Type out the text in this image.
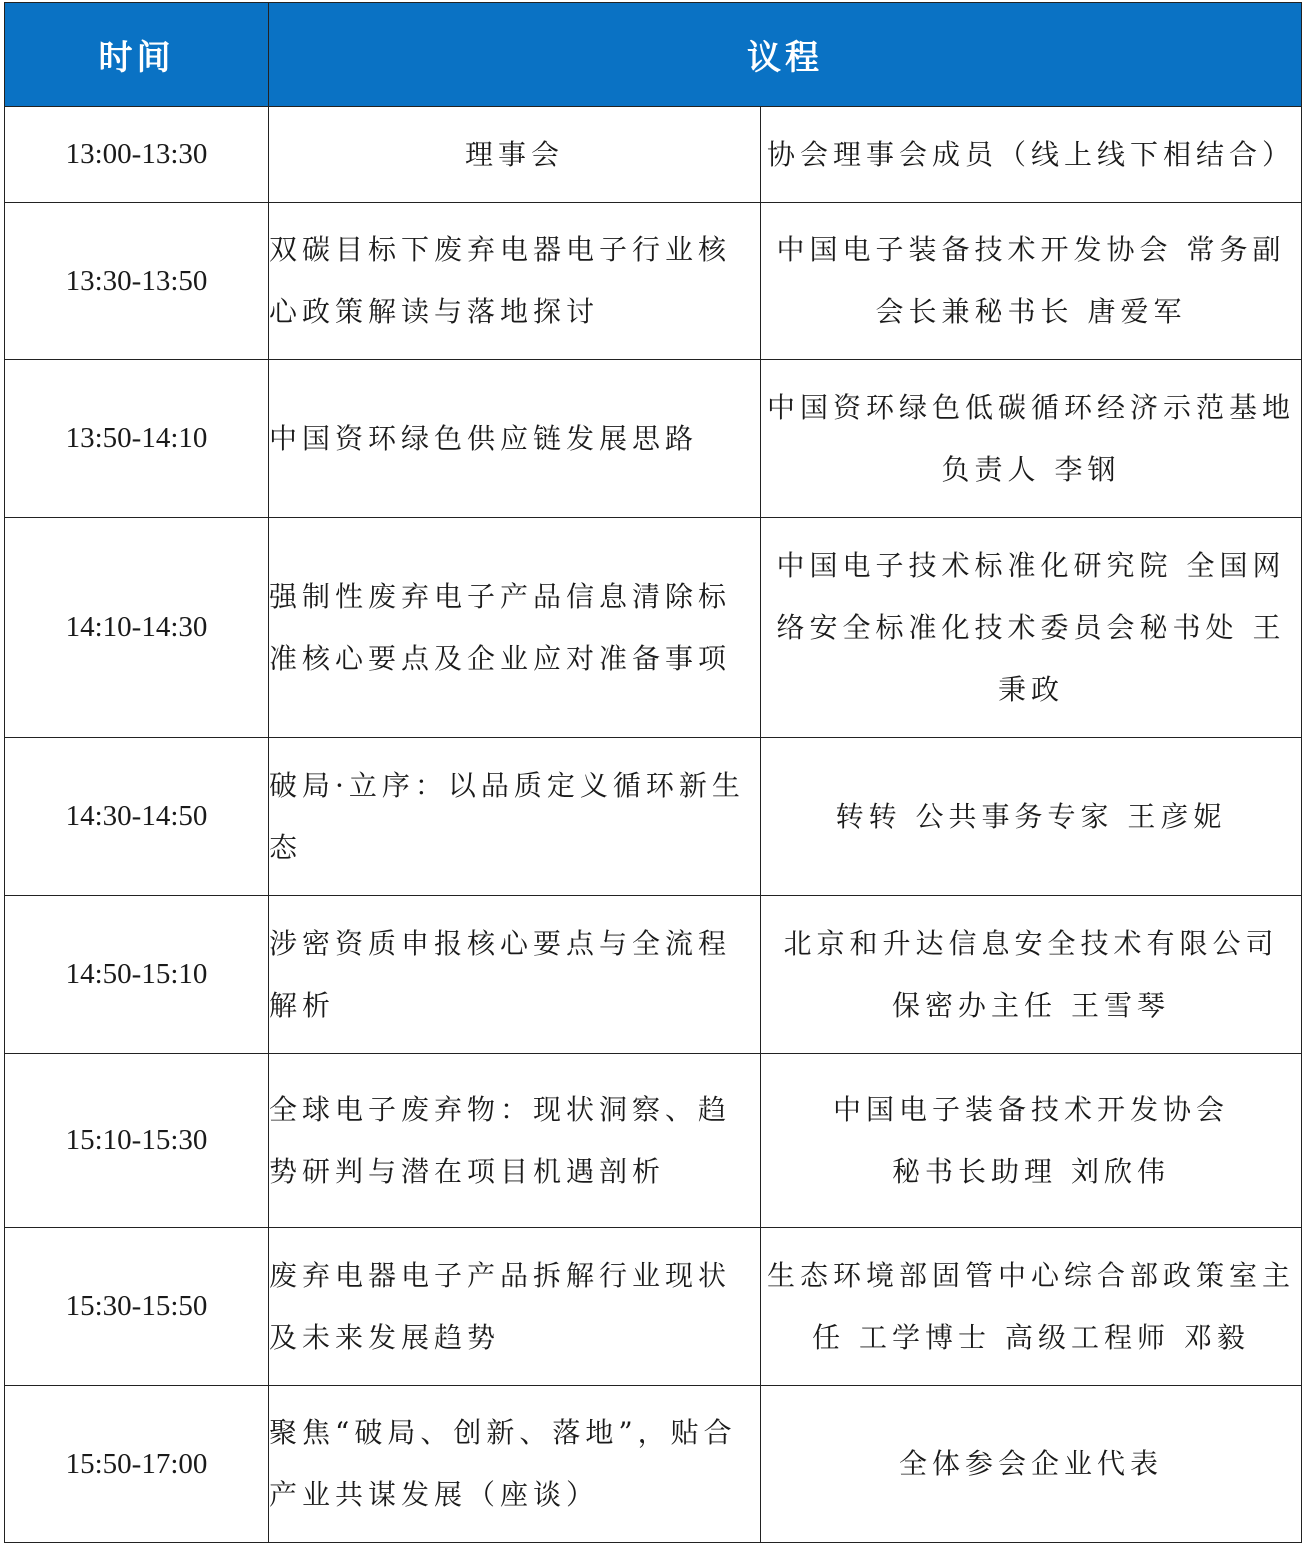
时间	议程	
13:00-13:30	理事会	协会理事会成员（线上线下相结合）

13:30-13:50	双碳目标下废弃电器电子行业核
心政策解读与落地探讨	中国电子装备技术开发协会 常务副
会长兼秘书长 唐爱军

13:50-14:10	中国资环绿色供应链发展思路	中国资环绿色低碳循环经济示范基地
负责人 李钢

14:10-14:30	强制性废弃电子产品信息清除标
准核心要点及企业应对准备事项	中国电子技术标准化研究院 全国网
络安全标准化技术委员会秘书处 王
秉政

14:30-14:50	破局·立序：以品质定义循环新生
态	转转 公共事务专家 王彦妮

14:50-15:10	涉密资质申报核心要点与全流程
解析	北京和升达信息安全技术有限公司
保密办主任 王雪琴

15:10-15:30	全球电子废弃物：现状洞察、趋
势研判与潜在项目机遇剖析	中国电子装备技术开发协会
秘书长助理 刘欣伟

15:30-15:50	废弃电器电子产品拆解行业现状
及未来发展趋势	生态环境部固管中心综合部政策室主
任 工学博士 高级工程师 邓毅

15:50-17:00	聚焦“破局、创新、落地”，贴合
产业共谋发展（座谈）	全体参会企业代表
